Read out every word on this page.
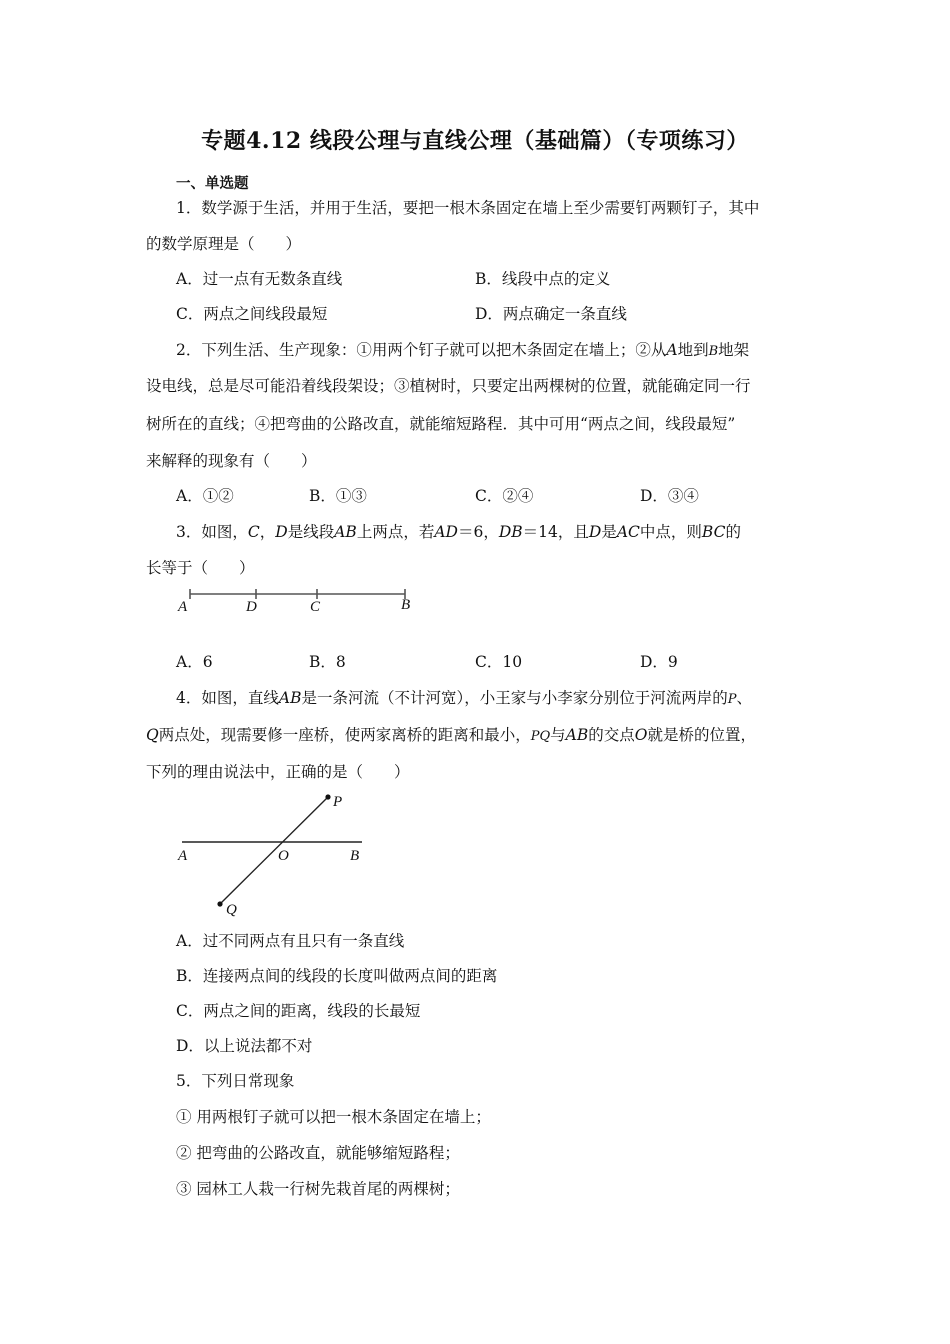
专题4.12 线段公理与直线公理（基础篇）（专项练习）
一、单选题
1．数学源于生活，并用于生活，要把一根木条固定在墙上至少需要钉两颗钉子，其中
的数学原理是（　　）
A．过一点有无数条直线	B．线段中点的定义
C．两点之间线段最短	D．两点确定一条直线
2．下列生活、生产现象：①用两个钉子就可以把木条固定在墙上；②从A地到B地架
设电线，总是尽可能沿着线段架设；③植树时，只要定出两棵树的位置，就能确定同一行
树所在的直线；④把弯曲的公路改直，就能缩短路程．其中可用“两点之间，线段最短”
来解释的现象有（　　）
A．①②	B．①③	C．②④	D．③④
3．如图，C，D是线段AB上两点，若AD＝6，DB＝14，且D是AC中点，则BC的
长等于（　　）
A	D	C	B
A．6	B．8	C．10	D．9
4．如图，直线AB是一条河流（不计河宽），小王家与小李家分别位于河流两岸的P、
Q两点处，现需要修一座桥，使两家离桥的距离和最小，PQ与AB的交点O就是桥的位置，
下列的理由说法中，正确的是（　　）
P
A	O	B
Q
A．过不同两点有且只有一条直线
B．连接两点间的线段的长度叫做两点间的距离
C．两点之间的距离，线段的长最短
D．以上说法都不对
5．下列日常现象
① 用两根钉子就可以把一根木条固定在墙上；
② 把弯曲的公路改直，就能够缩短路程；
③ 园林工人栽一行树先栽首尾的两棵树；
